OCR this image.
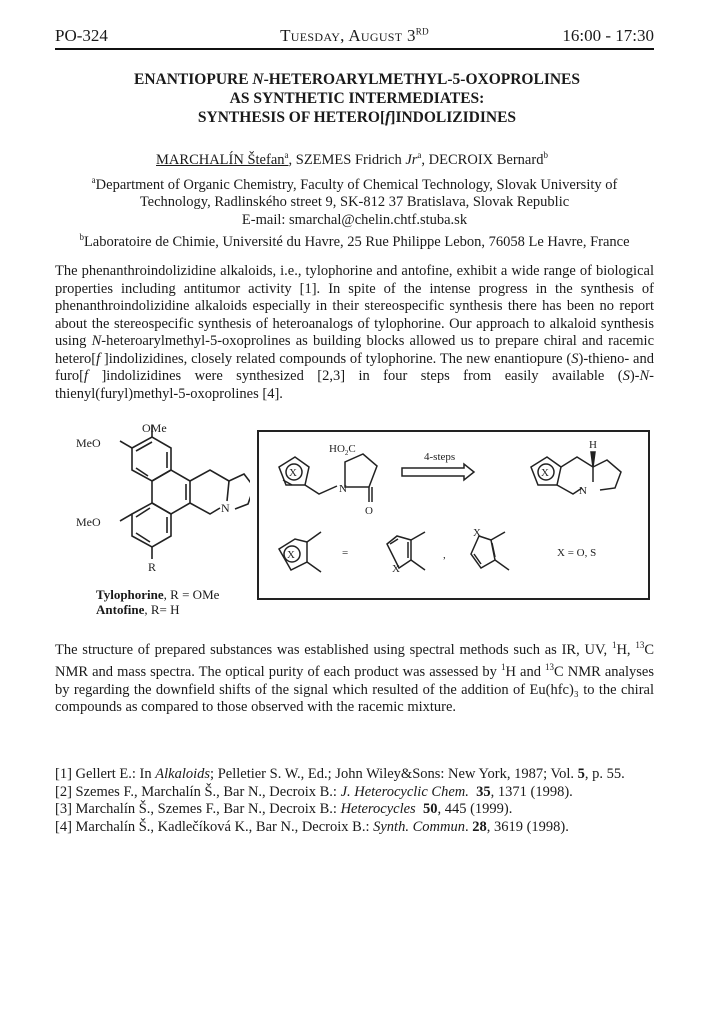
PO-324	Tuesday, August 3RD	16:00 - 17:30
ENANTIOPURE N-HETEROARYLMETHYL-5-OXOPROLINES
AS SYNTHETIC INTERMEDIATES:
SYNTHESIS OF HETERO[f]INDOLIZIDINES
MARCHALÍN Štefan$^a$, SZEMES Fridrich Jr$^a$, DECROIX Bernard$^b$
$^a$Department of Organic Chemistry, Faculty of Chemical Technology, Slovak University of
Technology, Radlinského street 9, SK-812 37 Bratislava, Slovak Republic
E-mail: smarchal@chelin.chtf.stuba.sk
$^b$Laboratoire de Chimie, Université du Havre, 25 Rue Philippe Lebon, 76058 Le Havre, France
The phenanthroindolizidine alkaloids, i.e., tylophorine and antofine, exhibit a wide range of biological properties including antitumor activity [1]. In spite of the intense progress in the synthesis of phenanthroindolizidine alkaloids especially in their stereospecific synthesis there has been no report about the stereospecific synthesis of heteroanalogs of tylophorine. Our approach to alkaloid synthesis using N-heteroarylmethyl-5-oxoprolines as building blocks allowed us to prepare chiral and racemic hetero[f ]indolizidines, closely related compounds of tylophorine. The new enantiopure (S)-thieno- and furo[f ]indolizidines were synthesized [2,3] in four steps from easily available (S)-N-thienyl(furyl)methyl-5-oxoprolines [4].
OMe
MeO
MeO
R
N
Tylophorine, R = OMe
Antofine, R= H
X
$HO_2C$
N
O
4-steps
X
H
N
X	=
X
,
X
X = O, S
The structure of prepared substances was established using spectral methods such as IR, UV, $^1$H, $^{13}$C NMR and mass spectra. The optical purity of each product was assessed by $^1$H and $^{13}$C NMR analyses by regarding the downfield shifts of the signal which resulted of the addition of Eu(hfc)₃ to the chiral compounds as compared to those observed with the racemic mixture.
[1] Gellert E.: In Alkaloids; Pelletier S. W., Ed.; John Wiley&Sons: New York, 1987; Vol. 5, p. 55.
[2] Szemes F., Marchalín Š., Bar N., Decroix B.: J. Heterocyclic Chem. 35, 1371 (1998).
[3] Marchalín Š., Szemes F., Bar N., Decroix B.: Heterocycles 50, 445 (1999).
[4] Marchalín Š., Kadlečíková K., Bar N., Decroix B.: Synth. Commun. 28, 3619 (1998).
